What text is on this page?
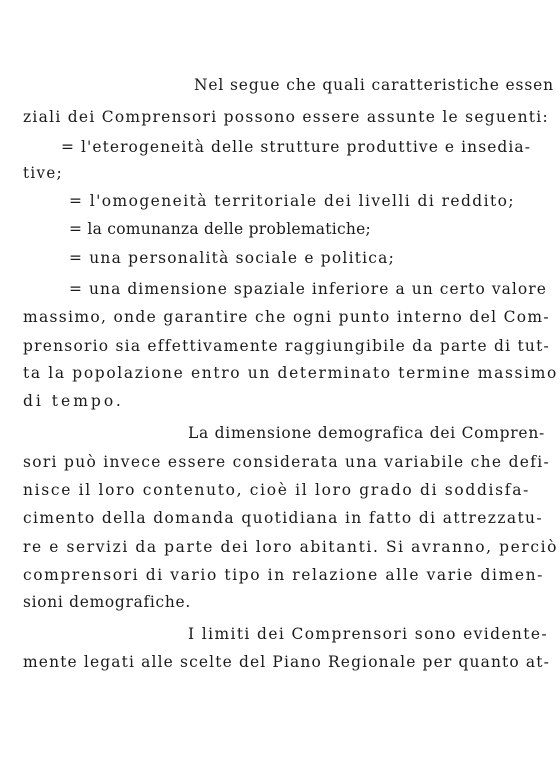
Nel segue che quali caratteristiche essen
ziali dei Comprensori possono essere assunte le seguenti:
= l'eterogeneità delle strutture produttive e insedia-
tive;
= l'omogeneità territoriale dei livelli di reddito;
= la comunanza delle problematiche;
= una personalità sociale e politica;
= una dimensione spaziale inferiore a un certo valore
massimo, onde garantire che ogni punto interno del Com-
prensorio sia effettivamente raggiungibile da parte di tut-
ta la popolazione entro un determinato termine massimo
di tempo.
La dimensione demografica dei Compren-
sori può invece essere considerata una variabile che defi-
nisce il loro contenuto, cioè il loro grado di soddisfa-
cimento della domanda quotidiana in fatto di attrezzatu-
re e servizi da parte dei loro abitanti. Si avranno, perciò
comprensori di vario tipo in relazione alle varie dimen-
sioni demografiche.
I limiti dei Comprensori sono evidente-
mente legati alle scelte del Piano Regionale per quanto at-
